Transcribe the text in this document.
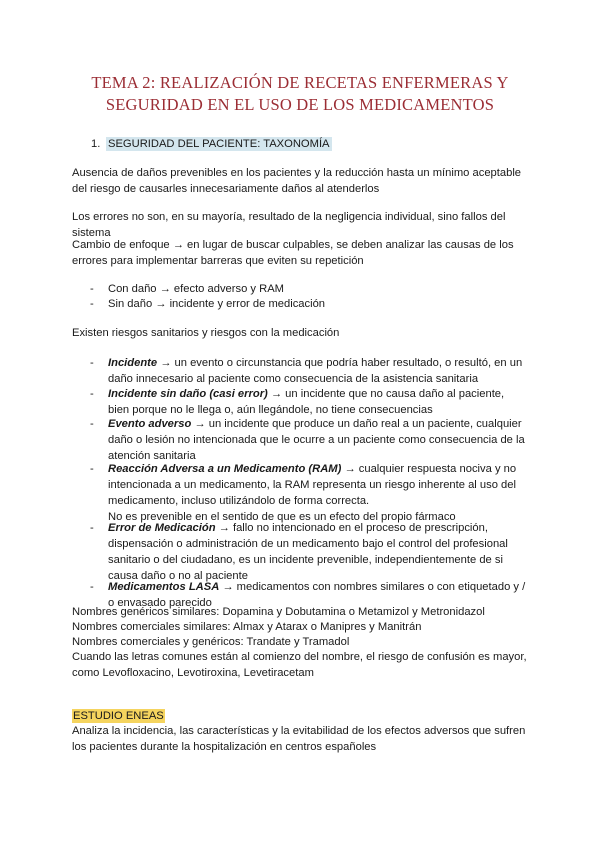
TEMA 2: REALIZACIÓN DE RECETAS ENFERMERAS Y
SEGURIDAD EN EL USO DE LOS MEDICAMENTOS
1. SEGURIDAD DEL PACIENTE: TAXONOMÍA
Ausencia de daños prevenibles en los pacientes y la reducción hasta un mínimo aceptable del riesgo de causarles innecesariamente daños al atenderlos
Los errores no son, en su mayoría, resultado de la negligencia individual, sino fallos del sistema
Cambio de enfoque → en lugar de buscar culpables, se deben analizar las causas de los errores para implementar barreras que eviten su repetición
- Con daño → efecto adverso y RAM
- Sin daño → incidente y error de medicación
Existen riesgos sanitarios y riesgos con la medicación
- Incidente → un evento o circunstancia que podría haber resultado, o resultó, en un daño innecesario al paciente como consecuencia de la asistencia sanitaria
- Incidente sin daño (casi error) → un incidente que no causa daño al paciente, bien porque no le llega o, aún llegándole, no tiene consecuencias
- Evento adverso → un incidente que produce un daño real a un paciente, cualquier daño o lesión no intencionada que le ocurre a un paciente como consecuencia de la atención sanitaria
- Reacción Adversa a un Medicamento (RAM) → cualquier respuesta nociva y no intencionada a un medicamento, la RAM representa un riesgo inherente al uso del medicamento, incluso utilizándolo de forma correcta.
No es prevenible en el sentido de que es un efecto del propio fármaco
- Error de Medicación → fallo no intencionado en el proceso de prescripción, dispensación o administración de un medicamento bajo el control del profesional sanitario o del ciudadano, es un incidente prevenible, independientemente de si causa daño o no al paciente
- Medicamentos LASA → medicamentos con nombres similares o con etiquetado y / o envasado parecido
Nombres genéricos similares: Dopamina y Dobutamina o Metamizol y Metronidazol
Nombres comerciales similares: Almax y Atarax o Manipres y Manitrán
Nombres comerciales y genéricos: Trandate y Tramadol
Cuando las letras comunes están al comienzo del nombre, el riesgo de confusión es mayor, como Levofloxacino, Levotiroxina, Levetiracetam
ESTUDIO ENEAS
Analiza la incidencia, las características y la evitabilidad de los efectos adversos que sufren los pacientes durante la hospitalización en centros españoles
